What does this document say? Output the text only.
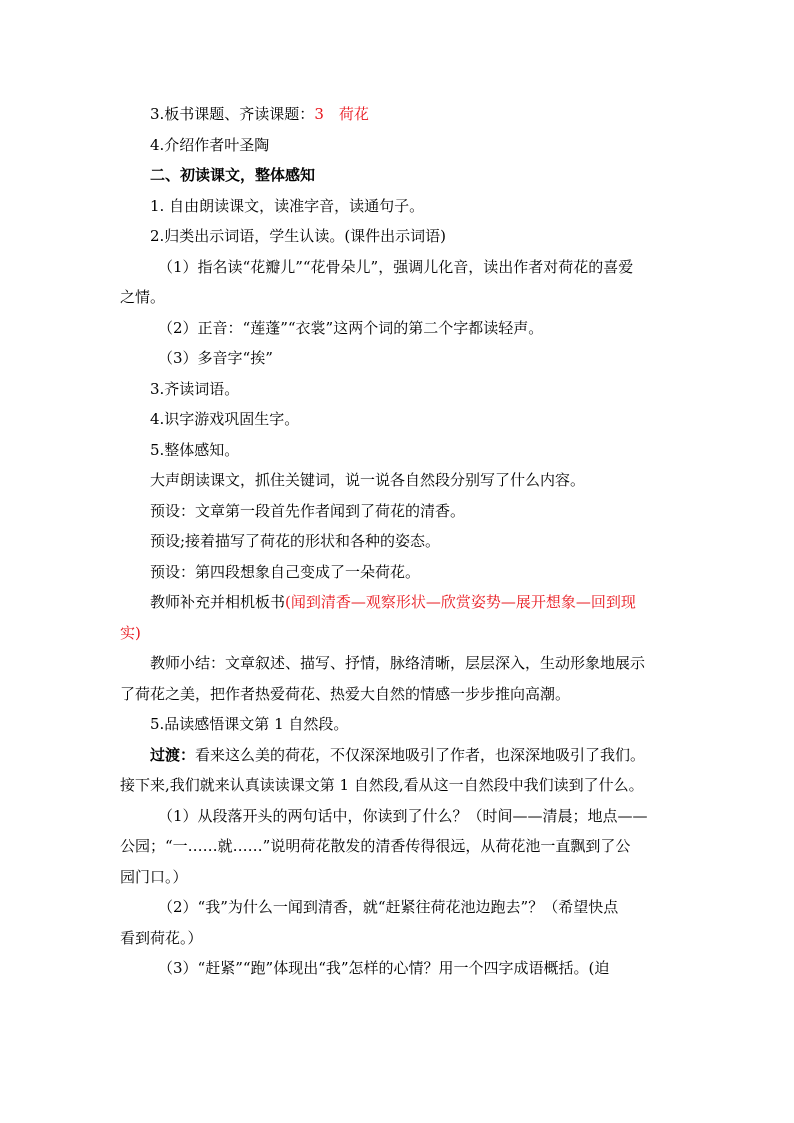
3.板书课题、齐读课题：3　荷花

4.介绍作者叶圣陶

二、初读课文，整体感知

1. 自由朗读课文，读准字音，读通句子。

2.归类出示词语，学生认读。(课件出示词语)

（1）指名读“花瓣儿”“花骨朵儿”，强调儿化音，读出作者对荷花的喜爱

之情。

（2）正音：“莲蓬”“衣裳”这两个词的第二个字都读轻声。

（3）多音字“挨”

3.齐读词语。

4.识字游戏巩固生字。

5.整体感知。

大声朗读课文，抓住关键词，说一说各自然段分别写了什么内容。

预设：文章第一段首先作者闻到了荷花的清香。

预设;接着描写了荷花的形状和各种的姿态。

预设：第四段想象自己变成了一朵荷花。

教师补充并相机板书(闻到清香—观察形状—欣赏姿势—展开想象—回到现

实)

教师小结：文章叙述、描写、抒情，脉络清晰，层层深入，生动形象地展示

了荷花之美，把作者热爱荷花、热爱大自然的情感一步步推向高潮。

5.品读感悟课文第 1 自然段。

过渡：看来这么美的荷花，不仅深深地吸引了作者，也深深地吸引了我们。

接下来,我们就来认真读读课文第 1 自然段,看从这一自然段中我们读到了什么。

（1）从段落开头的两句话中，你读到了什么？（时间——清晨；地点——

公园；“一……就……”说明荷花散发的清香传得很远，从荷花池一直飘到了公

园门口。）

（2）“我”为什么一闻到清香，就“赶紧往荷花池边跑去”？（希望快点

看到荷花。）

（3）“赶紧”“跑”体现出“我”怎样的心情？用一个四字成语概括。(迫
